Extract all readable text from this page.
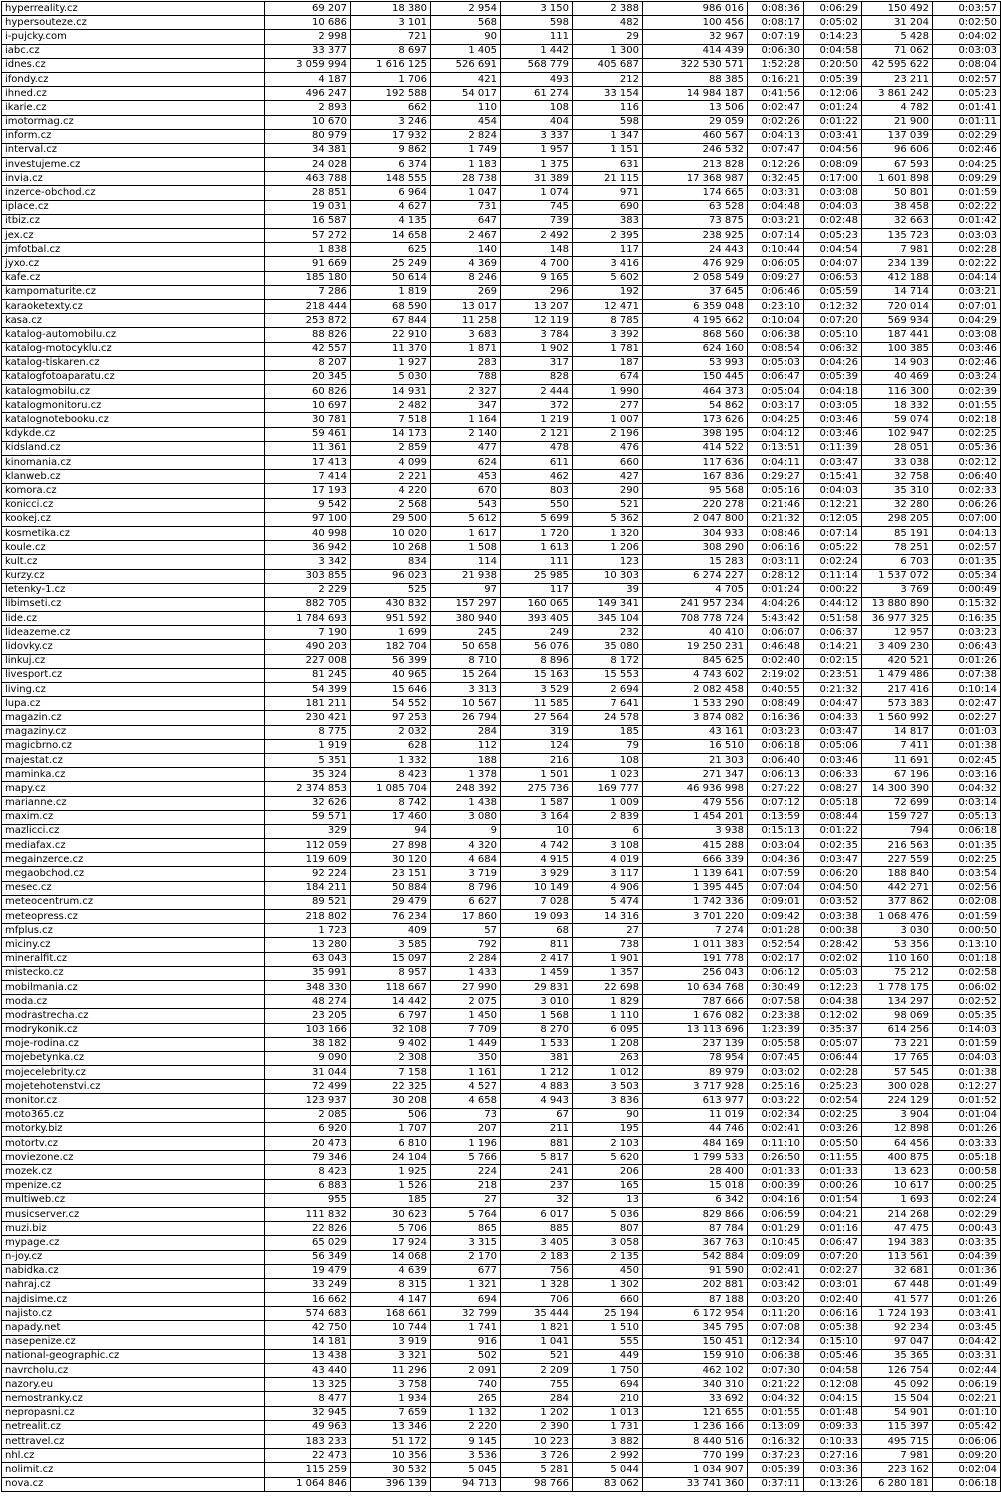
hyperreality.cz	69 207	18 380	2 954	3 150	2 388	986 016	0:08:36	0:06:29	150 492	0:03:57
hypersouteze.cz	10 686	3 101	568	598	482	100 456	0:08:17	0:05:02	31 204	0:02:50
i-pujcky.com	2 998	721	90	111	29	32 967	0:07:19	0:14:23	5 428	0:04:02
iabc.cz	33 377	8 697	1 405	1 442	1 300	414 439	0:06:30	0:04:58	71 062	0:03:03
idnes.cz	3 059 994	1 616 125	526 691	568 779	405 687	322 530 571	1:52:28	0:20:50	42 595 622	0:08:04
ifondy.cz	4 187	1 706	421	493	212	88 385	0:16:21	0:05:39	23 211	0:02:57
ihned.cz	496 247	192 588	54 017	61 274	33 154	14 984 187	0:41:56	0:12:06	3 861 242	0:05:23
ikarie.cz	2 893	662	110	108	116	13 506	0:02:47	0:01:24	4 782	0:01:41
imotormag.cz	10 670	3 246	454	404	598	29 059	0:02:26	0:01:22	21 900	0:01:11
inform.cz	80 979	17 932	2 824	3 337	1 347	460 567	0:04:13	0:03:41	137 039	0:02:29
interval.cz	34 381	9 862	1 749	1 957	1 151	246 532	0:07:47	0:04:56	96 606	0:02:46
investujeme.cz	24 028	6 374	1 183	1 375	631	213 828	0:12:26	0:08:09	67 593	0:04:25
invia.cz	463 788	148 555	28 738	31 389	21 115	17 368 987	0:32:45	0:17:00	1 601 898	0:09:29
inzerce-obchod.cz	28 851	6 964	1 047	1 074	971	174 665	0:03:31	0:03:08	50 801	0:01:59
iplace.cz	19 031	4 627	731	745	690	63 528	0:04:48	0:04:03	38 458	0:02:22
itbiz.cz	16 587	4 135	647	739	383	73 875	0:03:21	0:02:48	32 663	0:01:42
jex.cz	57 272	14 658	2 467	2 492	2 395	238 925	0:07:14	0:05:23	135 723	0:03:03
jmfotbal.cz	1 838	625	140	148	117	24 443	0:10:44	0:04:54	7 981	0:02:28
jyxo.cz	91 669	25 249	4 369	4 700	3 416	476 929	0:06:05	0:04:07	234 139	0:02:22
kafe.cz	185 180	50 614	8 246	9 165	5 602	2 058 549	0:09:27	0:06:53	412 188	0:04:14
kampomaturite.cz	7 286	1 819	269	296	192	37 645	0:06:46	0:05:59	14 714	0:03:21
karaoketexty.cz	218 444	68 590	13 017	13 207	12 471	6 359 048	0:23:10	0:12:32	720 014	0:07:01
kasa.cz	253 872	67 844	11 258	12 119	8 785	4 195 662	0:10:04	0:07:20	569 934	0:04:29
katalog-automobilu.cz	88 826	22 910	3 683	3 784	3 392	868 560	0:06:38	0:05:10	187 441	0:03:08
katalog-motocyklu.cz	42 557	11 370	1 871	1 902	1 781	624 160	0:08:54	0:06:32	100 385	0:03:46
katalog-tiskaren.cz	8 207	1 927	283	317	187	53 993	0:05:03	0:04:26	14 903	0:02:46
katalogfotoaparatu.cz	20 345	5 030	788	828	674	150 445	0:06:47	0:05:39	40 469	0:03:24
katalogmobilu.cz	60 826	14 931	2 327	2 444	1 990	464 373	0:05:04	0:04:18	116 300	0:02:39
katalogmonitoru.cz	10 697	2 482	347	372	277	54 862	0:03:17	0:03:05	18 332	0:01:55
katalognotebooku.cz	30 781	7 518	1 164	1 219	1 007	173 626	0:04:25	0:03:46	59 074	0:02:18
kdykde.cz	59 461	14 173	2 140	2 121	2 196	398 195	0:04:12	0:03:46	102 947	0:02:25
kidsland.cz	11 361	2 859	477	478	476	414 522	0:13:51	0:11:39	28 051	0:05:36
kinomania.cz	17 413	4 099	624	611	660	117 636	0:04:11	0:03:47	33 038	0:02:12
klanweb.cz	7 414	2 221	453	462	427	167 836	0:29:27	0:15:41	32 758	0:06:40
komora.cz	17 193	4 220	670	803	290	95 568	0:05:16	0:04:03	35 310	0:02:33
konicci.cz	9 542	2 568	543	550	521	220 278	0:21:46	0:12:21	32 280	0:06:26
kookej.cz	97 100	29 500	5 612	5 699	5 362	2 047 800	0:21:32	0:12:05	298 205	0:07:00
kosmetika.cz	40 998	10 020	1 617	1 720	1 320	304 933	0:08:46	0:07:14	85 191	0:04:13
koule.cz	36 942	10 268	1 508	1 613	1 206	308 290	0:06:16	0:05:22	78 251	0:02:57
kult.cz	3 342	834	114	111	123	15 283	0:03:11	0:02:24	6 703	0:01:35
kurzy.cz	303 855	96 023	21 938	25 985	10 303	6 274 227	0:28:12	0:11:14	1 537 072	0:05:34
letenky-1.cz	2 229	525	97	117	39	4 705	0:01:24	0:00:22	3 769	0:00:49
libimseti.cz	882 705	430 832	157 297	160 065	149 341	241 957 234	4:04:26	0:44:12	13 880 890	0:15:32
lide.cz	1 784 693	951 592	380 940	393 405	345 104	708 778 724	5:43:42	0:51:58	36 977 325	0:16:35
lideazeme.cz	7 190	1 699	245	249	232	40 410	0:06:07	0:06:37	12 957	0:03:23
lidovky.cz	490 203	182 704	50 658	56 076	35 080	19 250 231	0:46:48	0:14:21	3 409 230	0:06:43
linkuj.cz	227 008	56 399	8 710	8 896	8 172	845 625	0:02:40	0:02:15	420 521	0:01:26
livesport.cz	81 245	40 965	15 264	15 163	15 553	4 743 602	2:19:02	0:23:51	1 479 486	0:07:38
living.cz	54 399	15 646	3 313	3 529	2 694	2 082 458	0:40:55	0:21:32	217 416	0:10:14
lupa.cz	181 211	54 552	10 567	11 585	7 641	1 533 290	0:08:49	0:04:47	573 383	0:02:47
magazin.cz	230 421	97 253	26 794	27 564	24 578	3 874 082	0:16:36	0:04:33	1 560 992	0:02:27
magaziny.cz	8 775	2 032	284	319	185	43 161	0:03:23	0:03:47	14 817	0:01:03
magicbrno.cz	1 919	628	112	124	79	16 510	0:06:18	0:05:06	7 411	0:01:38
majestat.cz	5 351	1 332	188	216	108	21 303	0:06:40	0:03:46	11 691	0:02:45
maminka.cz	35 324	8 423	1 378	1 501	1 023	271 347	0:06:13	0:06:33	67 196	0:03:16
mapy.cz	2 374 853	1 085 704	248 392	275 736	169 777	46 936 998	0:27:22	0:08:27	14 300 390	0:04:32
marianne.cz	32 626	8 742	1 438	1 587	1 009	479 556	0:07:12	0:05:18	72 699	0:03:14
maxim.cz	59 571	17 460	3 080	3 164	2 839	1 454 201	0:13:59	0:08:44	159 727	0:05:13
mazlicci.cz	329	94	9	10	6	3 938	0:15:13	0:01:22	794	0:06:18
mediafax.cz	112 059	27 898	4 320	4 742	3 108	415 288	0:03:04	0:02:35	216 563	0:01:35
megainzerce.cz	119 609	30 120	4 684	4 915	4 019	666 339	0:04:36	0:03:47	227 559	0:02:25
megaobchod.cz	92 224	23 151	3 719	3 929	3 117	1 139 641	0:07:59	0:06:20	188 840	0:03:54
mesec.cz	184 211	50 884	8 796	10 149	4 906	1 395 445	0:07:04	0:04:50	442 271	0:02:56
meteocentrum.cz	89 521	29 479	6 627	7 028	5 474	1 742 336	0:09:01	0:03:52	377 862	0:02:08
meteopress.cz	218 802	76 234	17 860	19 093	14 316	3 701 220	0:09:42	0:03:38	1 068 476	0:01:59
mfplus.cz	1 723	409	57	68	27	7 274	0:01:28	0:00:38	3 030	0:00:50
miciny.cz	13 280	3 585	792	811	738	1 011 383	0:52:54	0:28:42	53 356	0:13:10
mineralfit.cz	63 043	15 097	2 284	2 417	1 901	191 778	0:02:17	0:02:02	110 160	0:01:18
mistecko.cz	35 991	8 957	1 433	1 459	1 357	256 043	0:06:12	0:05:03	75 212	0:02:58
mobilmania.cz	348 330	118 667	27 990	29 831	22 698	10 634 768	0:30:49	0:12:23	1 778 175	0:06:02
moda.cz	48 274	14 442	2 075	3 010	1 829	787 666	0:07:58	0:04:38	134 297	0:02:52
modrastrecha.cz	23 205	6 797	1 450	1 568	1 110	1 676 082	0:23:38	0:12:02	98 069	0:05:35
modrykonik.cz	103 166	32 108	7 709	8 270	6 095	13 113 696	1:23:39	0:35:37	614 256	0:14:03
moje-rodina.cz	38 182	9 402	1 449	1 533	1 208	237 139	0:05:58	0:05:07	73 221	0:01:59
mojebetynka.cz	9 090	2 308	350	381	263	78 954	0:07:45	0:06:44	17 765	0:04:03
mojecelebrity.cz	31 044	7 158	1 161	1 212	1 012	89 979	0:03:02	0:02:28	57 545	0:01:38
mojetehotenstvi.cz	72 499	22 325	4 527	4 883	3 503	3 717 928	0:25:16	0:25:23	300 028	0:12:27
monitor.cz	123 937	30 208	4 658	4 943	3 836	613 977	0:03:22	0:02:54	224 129	0:01:52
moto365.cz	2 085	506	73	67	90	11 019	0:02:34	0:02:25	3 904	0:01:04
motorky.biz	6 920	1 707	207	211	195	44 746	0:02:41	0:03:26	12 898	0:01:26
motortv.cz	20 473	6 810	1 196	881	2 103	484 169	0:11:10	0:05:50	64 456	0:03:33
moviezone.cz	79 346	24 104	5 766	5 817	5 620	1 799 533	0:26:50	0:11:55	400 875	0:05:18
mozek.cz	8 423	1 925	224	241	206	28 400	0:01:33	0:01:33	13 623	0:00:58
mpenize.cz	6 883	1 526	218	237	165	15 018	0:00:39	0:00:26	10 617	0:00:25
multiweb.cz	955	185	27	32	13	6 342	0:04:16	0:01:54	1 693	0:02:24
musicserver.cz	111 832	30 623	5 764	6 017	5 036	829 866	0:06:59	0:04:21	214 268	0:02:29
muzi.biz	22 826	5 706	865	885	807	87 784	0:01:29	0:01:16	47 475	0:00:43
mypage.cz	65 029	17 924	3 315	3 405	3 058	367 763	0:10:45	0:06:47	194 383	0:03:35
n-joy.cz	56 349	14 068	2 170	2 183	2 135	542 884	0:09:09	0:07:20	113 561	0:04:39
nabidka.cz	19 479	4 639	677	756	450	91 590	0:02:41	0:02:27	32 681	0:01:36
nahraj.cz	33 249	8 315	1 321	1 328	1 302	202 881	0:03:42	0:03:01	67 448	0:01:49
najdisime.cz	16 662	4 147	694	706	660	87 188	0:03:20	0:02:40	41 577	0:01:26
najisto.cz	574 683	168 661	32 799	35 444	25 194	6 172 954	0:11:20	0:06:16	1 724 193	0:03:41
napady.net	42 750	10 744	1 741	1 821	1 510	345 795	0:07:08	0:05:38	92 234	0:03:45
nasepenize.cz	14 181	3 919	916	1 041	555	150 451	0:12:34	0:15:10	97 047	0:04:42
national-geographic.cz	13 438	3 321	502	521	449	159 910	0:06:38	0:05:46	35 365	0:03:31
navrcholu.cz	43 440	11 296	2 091	2 209	1 750	462 102	0:07:30	0:04:58	126 754	0:02:44
nazory.eu	13 325	3 758	740	755	694	340 310	0:21:22	0:12:08	45 092	0:06:19
nemostranky.cz	8 477	1 934	265	284	210	33 692	0:04:32	0:04:15	15 504	0:02:21
nepropasni.cz	32 945	7 659	1 132	1 202	1 013	121 655	0:01:55	0:01:48	54 901	0:01:10
netrealit.cz	49 963	13 346	2 220	2 390	1 731	1 236 166	0:13:09	0:09:33	115 397	0:05:42
nettravel.cz	183 233	51 172	9 145	10 223	3 882	8 440 516	0:16:32	0:10:33	495 715	0:06:06
nhl.cz	22 473	10 356	3 536	3 726	2 992	770 199	0:37:23	0:27:16	7 981	0:09:20
nolimit.cz	115 259	30 532	5 045	5 281	5 044	1 034 907	0:05:39	0:03:36	223 162	0:02:04
nova.cz	1 064 846	396 139	94 713	98 766	83 062	33 741 360	0:37:11	0:13:26	6 280 181	0:06:18
